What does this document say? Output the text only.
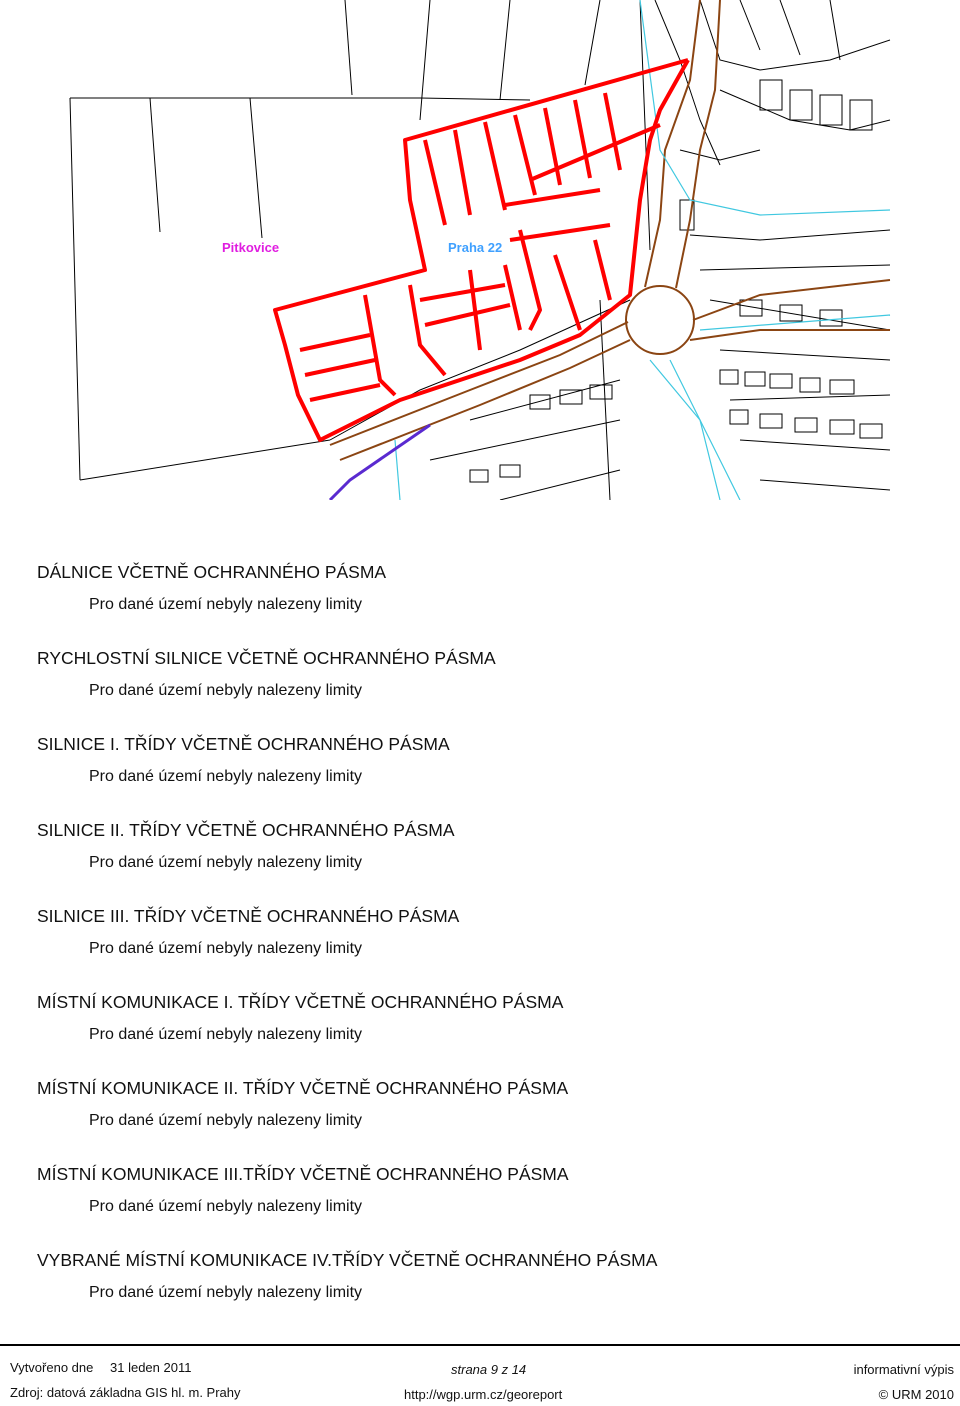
Pitkovice	Praha 22
DÁLNICE VČETNĚ OCHRANNÉHO PÁSMA
Pro dané území nebyly nalezeny limity
RYCHLOSTNÍ SILNICE VČETNĚ OCHRANNÉHO PÁSMA
Pro dané území nebyly nalezeny limity
SILNICE I. TŘÍDY VČETNĚ OCHRANNÉHO PÁSMA
Pro dané území nebyly nalezeny limity
SILNICE II. TŘÍDY VČETNĚ OCHRANNÉHO PÁSMA
Pro dané území nebyly nalezeny limity
SILNICE III. TŘÍDY VČETNĚ OCHRANNÉHO PÁSMA
Pro dané území nebyly nalezeny limity
MÍSTNÍ KOMUNIKACE I. TŘÍDY VČETNĚ OCHRANNÉHO PÁSMA
Pro dané území nebyly nalezeny limity
MÍSTNÍ KOMUNIKACE II. TŘÍDY VČETNĚ OCHRANNÉHO PÁSMA
Pro dané území nebyly nalezeny limity
MÍSTNÍ KOMUNIKACE III.TŘÍDY VČETNĚ OCHRANNÉHO PÁSMA
Pro dané území nebyly nalezeny limity
VYBRANÉ MÍSTNÍ KOMUNIKACE IV.TŘÍDY VČETNĚ OCHRANNÉHO PÁSMA
Pro dané území nebyly nalezeny limity
Vytvořeno dne 31 leden 2011	strana 9 z 14	informativní výpis
Zdroj: datová základna GIS hl. m. Prahy	http://wgp.urm.cz/georeport	© URM 2010
